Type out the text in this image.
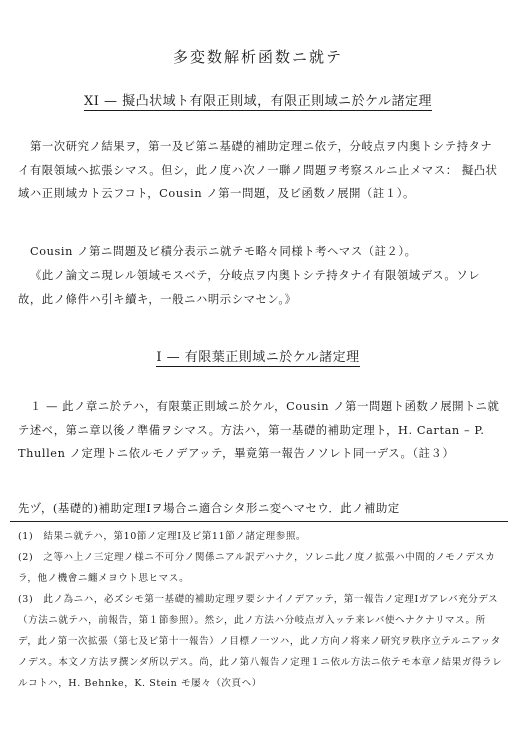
多変数解析函数ニ就テ
XI — 擬凸状域ト有限正則域，有限正則域ニ於ケル諸定理
第一次研究ノ結果ヲ，第一及ビ第ニ基礎的補助定理ニ依テ，分岐点ヲ内奥トシテ持タナイ有限領域ヘ拡張シマス。但シ，此ノ度ハ次ノ一聯ノ問題ヲ考察スルニ止メマス： 擬凸状域ハ正則域カト云フコト，Cousin ノ第一問題，及ビ函数ノ展開（註１）。
Cousin ノ第ニ問題及ビ積分表示ニ就テモ略々同様ト考ヘマス（註２）。
《此ノ論文ニ現レル領域モスベテ，分岐点ヲ内奥トシテ持タナイ有限領域デス。ソレ故，此ノ條件ハ引キ續キ，一般ニハ明示シマセン。》
I — 有限葉正則域ニ於ケル諸定理
１ — 此ノ章ニ於テハ，有限葉正則域ニ於ケル，Cousin ノ第一問題ト函数ノ展開トニ就テ述ベ，第ニ章以後ノ準備ヲシマス。方法ハ，第一基礎的補助定理ト，H. Cartan – P. Thullen ノ定理トニ依ルモノデアッテ，畢竟第一報告ノソレト同一デス。（註３）
先ヅ，(基礎的)補助定理Ⅰヲ場合ニ適合シタ形ニ変ヘマセウ．此ノ補助定
(1)　結果ニ就テハ，第10節ノ定理Ⅰ及ビ第11節ノ諸定理参照。
(2)　之等ハ上ノ三定理ノ様ニ不可分ノ関係ニアル訳デハナク，ソレニ此ノ度ノ拡張ハ中間的ノモノデスカラ，他ノ機會ニ纏メヨウト思ヒマス。
(3)　此ノ為ニハ，必ズシモ第一基礎的補助定理ヲ要シナイノデアッテ，第一報告ノ定理Ⅰガアレバ充分デス（方法ニ就テハ，前報告，第１節参照）。然シ，此ノ方法ハ分岐点ガ入ッテ来レバ使ヘナクナリマス。所デ，此ノ第一次拡張（第七及ビ第十一報告）ノ目標ノ一ツハ，此ノ方向ノ将来ノ研究ヲ秩序立テルニアッタノデス。本文ノ方法ヲ撰ンダ所以デス。尚，此ノ第八報告ノ定理１ニ依ル方法ニ依テモ本章ノ結果ガ得ラレルコトハ，H. Behnke，K. Stein モ屡々（次頁ヘ）
